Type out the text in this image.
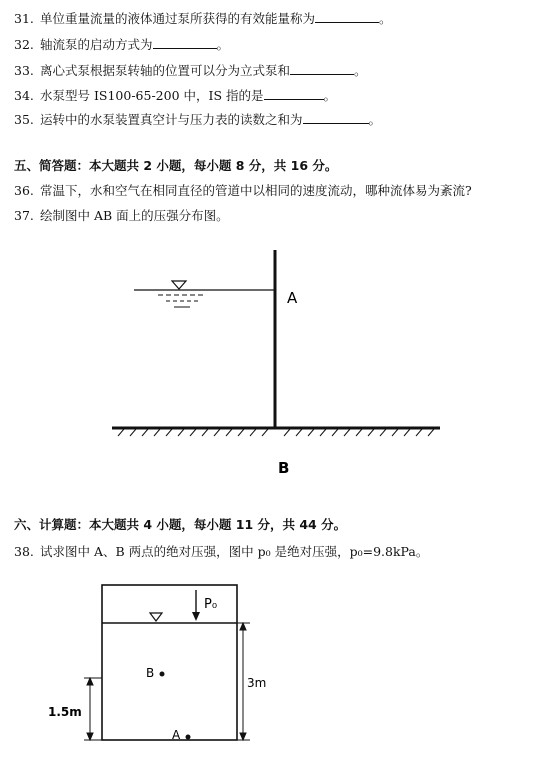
31. 单位重量流量的液体通过泵所获得的有效能量称为	。
32. 轴流泵的启动方式为	。
33. 离心式泵根据泵转轴的位置可以分为立式泵和	。
34. 水泵型号 IS100-65-200 中，IS 指的是	。
35. 运转中的水泵装置真空计与压力表的读数之和为	。
五、简答题：本大题共 2 小题，每小题 8 分，共 16 分。
36. 常温下，水和空气在相同直径的管道中以相同的速度流动，哪种流体易为紊流?
37. 绘制图中 AB 面上的压强分布图。
A
B
六、计算题：本大题共 4 小题，每小题 11 分，共 44 分。
38. 试求图中 A、B 两点的绝对压强，图中 p₀ 是绝对压强，p₀=9.8kPa。
P₀
B
A
3m
1.5m
